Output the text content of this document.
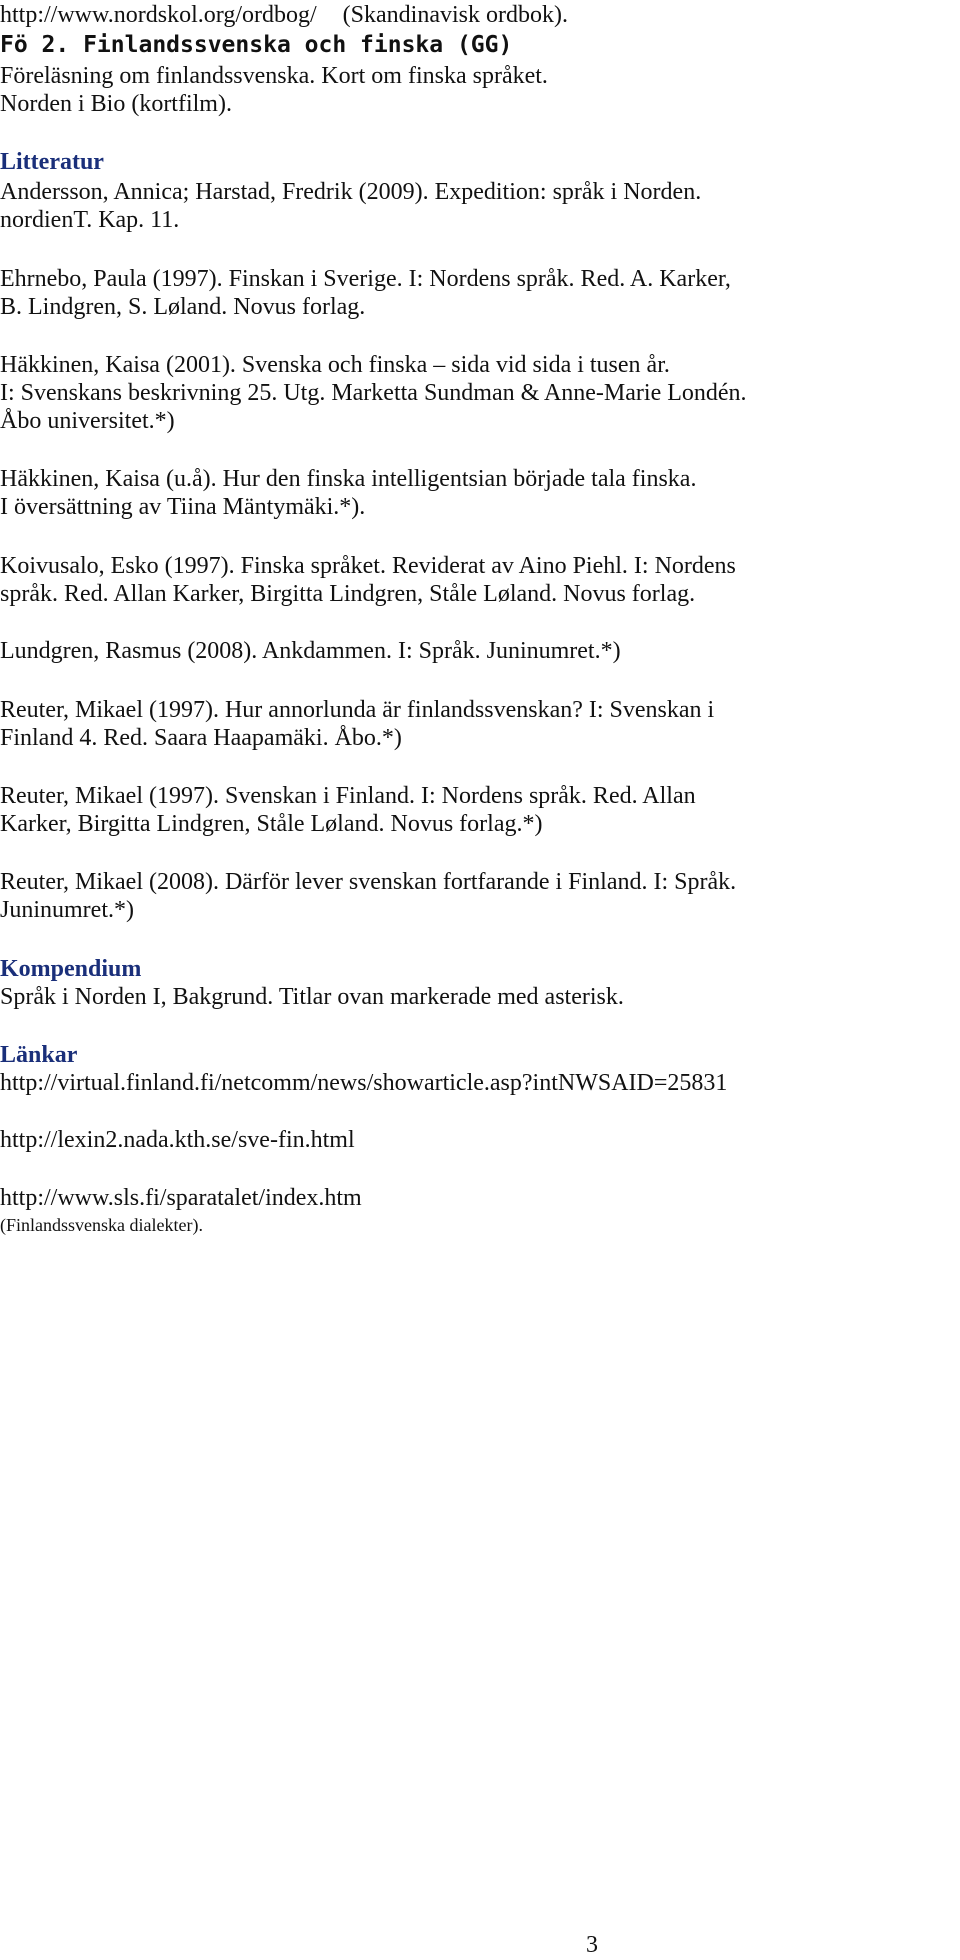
http://www.nordskol.org/ordbog/ (Skandinavisk ordbok).
Fö 2. Finlandssvenska och finska (GG)
Föreläsning om finlandssvenska. Kort om finska språket.
Norden i Bio (kortfilm).
Litteratur
Andersson, Annica; Harstad, Fredrik (2009). Expedition: språk i Norden.
nordienT. Kap. 11.
Ehrnebo, Paula (1997). Finskan i Sverige. I: Nordens språk. Red. A. Karker,
B. Lindgren, S. Løland. Novus forlag.
Häkkinen, Kaisa (2001). Svenska och finska – sida vid sida i tusen år.
I: Svenskans beskrivning 25. Utg. Marketta Sundman & Anne-Marie Londén.
Åbo universitet.*)
Häkkinen, Kaisa (u.å). Hur den finska intelligentsian började tala finska.
I översättning av Tiina Mäntymäki.*).
Koivusalo, Esko (1997). Finska språket. Reviderat av Aino Piehl. I: Nordens
språk. Red. Allan Karker, Birgitta Lindgren, Ståle Løland. Novus forlag.
Lundgren, Rasmus (2008). Ankdammen. I: Språk. Juninumret.*)
Reuter, Mikael (1997). Hur annorlunda är finlandssvenskan? I: Svenskan i
Finland 4. Red. Saara Haapamäki. Åbo.*)
Reuter, Mikael (1997). Svenskan i Finland. I: Nordens språk. Red. Allan
Karker, Birgitta Lindgren, Ståle Løland. Novus forlag.*)
Reuter, Mikael (2008). Därför lever svenskan fortfarande i Finland. I: Språk.
Juninumret.*)
Kompendium
Språk i Norden I, Bakgrund. Titlar ovan markerade med asterisk.
Länkar
http://virtual.finland.fi/netcomm/news/showarticle.asp?intNWSAID=25831
http://lexin2.nada.kth.se/sve-fin.html
http://www.sls.fi/sparatalet/index.htm
(Finlandssvenska dialekter).
3
